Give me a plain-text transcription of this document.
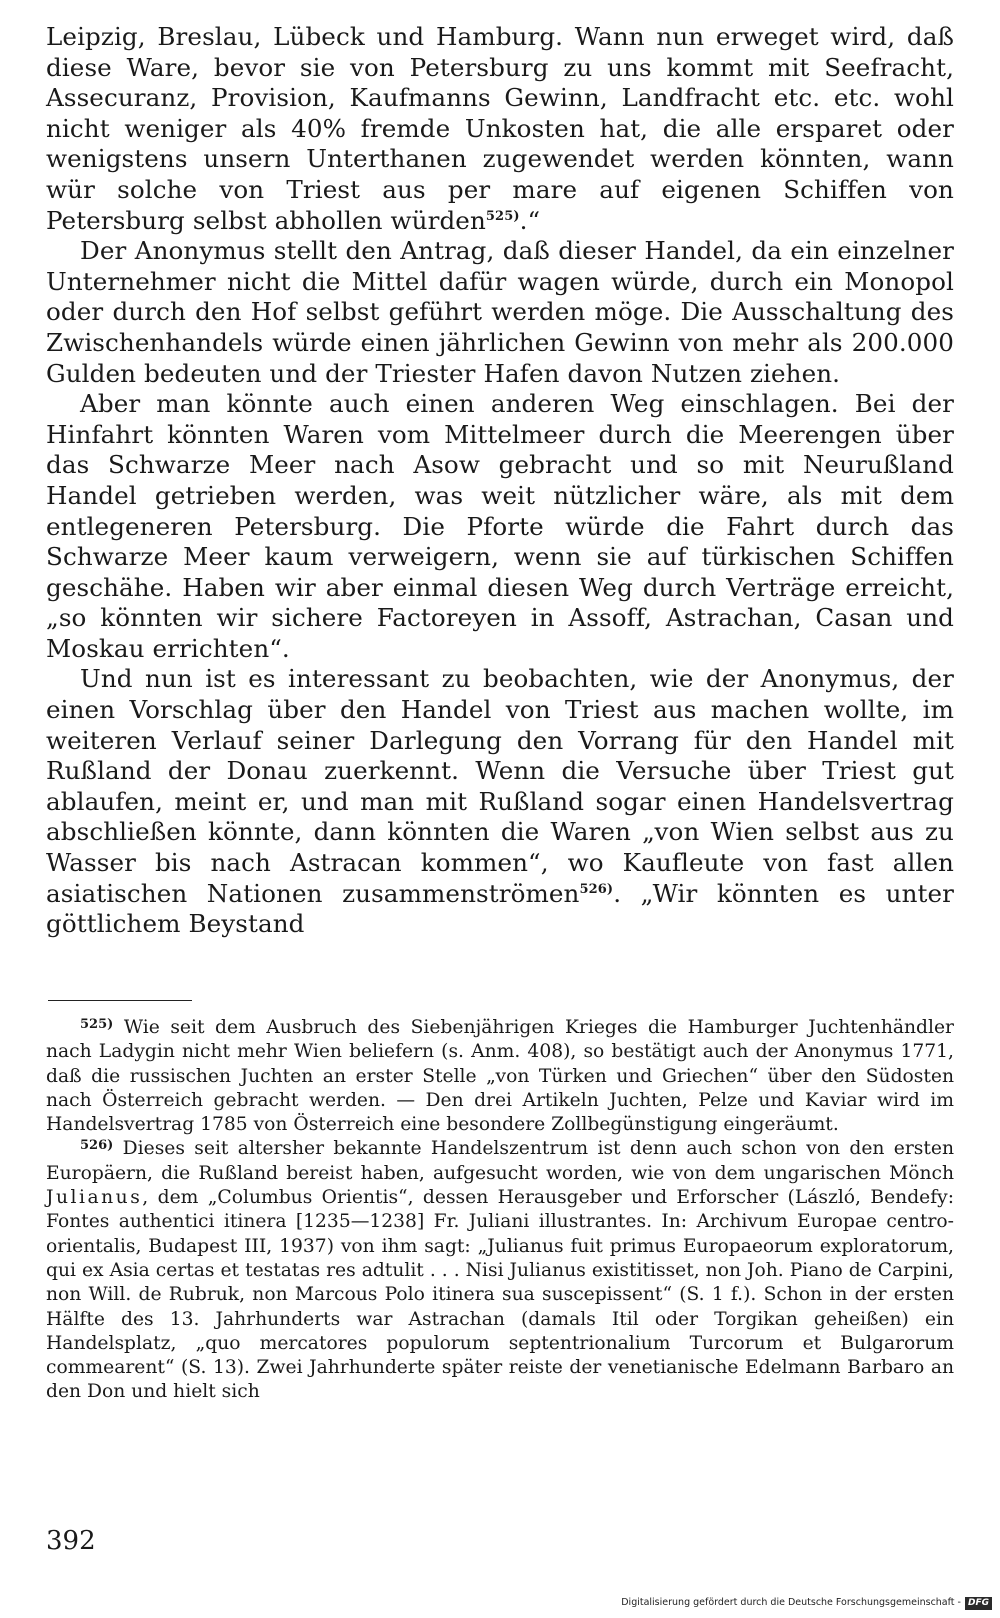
Leipzig, Breslau, Lübeck und Hamburg. Wann nun erweget wird, daß diese Ware, bevor sie von Petersburg zu uns kommt mit Seefracht, Assecuranz, Provision, Kaufmanns Gewinn, Landfracht etc. etc. wohl nicht weniger als 40% fremde Unkosten hat, die alle ersparet oder wenigstens unsern Unterthanen zugewendet werden könnten, wann wür solche von Triest aus per mare auf eigenen Schiffen von Petersburg selbst abhollen würden$^{525)}$.“

Der Anonymus stellt den Antrag, daß dieser Handel, da ein einzelner Unternehmer nicht die Mittel dafür wagen würde, durch ein Monopol oder durch den Hof selbst geführt werden möge. Die Ausschaltung des Zwischenhandels würde einen jährlichen Gewinn von mehr als 200.000 Gulden bedeuten und der Triester Hafen davon Nutzen ziehen.

Aber man könnte auch einen anderen Weg einschlagen. Bei der Hinfahrt könnten Waren vom Mittelmeer durch die Meerengen über das Schwarze Meer nach Asow gebracht und so mit Neurußland Handel getrieben werden, was weit nützlicher wäre, als mit dem entlegeneren Petersburg. Die Pforte würde die Fahrt durch das Schwarze Meer kaum verweigern, wenn sie auf türkischen Schiffen geschähe. Haben wir aber einmal diesen Weg durch Verträge erreicht, „so könnten wir sichere Factoreyen in Assoff, Astrachan, Casan und Moskau errichten“.

Und nun ist es interessant zu beobachten, wie der Anonymus, der einen Vorschlag über den Handel von Triest aus machen wollte, im weiteren Verlauf seiner Darlegung den Vorrang für den Handel mit Rußland der Donau zuerkennt. Wenn die Versuche über Triest gut ablaufen, meint er, und man mit Rußland sogar einen Handelsvertrag abschließen könnte, dann könnten die Waren „von Wien selbst aus zu Wasser bis nach Astracan kommen“, wo Kaufleute von fast allen asiatischen Nationen zusammenströmen$^{526)}$. „Wir könnten es unter göttlichem Beystand

$^{525)}$ Wie seit dem Ausbruch des Siebenjährigen Krieges die Hamburger Juchtenhändler nach Ladygin nicht mehr Wien beliefern (s. Anm. 408), so bestätigt auch der Anonymus 1771, daß die russischen Juchten an erster Stelle „von Türken und Griechen“ über den Südosten nach Österreich gebracht werden. — Den drei Artikeln Juchten, Pelze und Kaviar wird im Handelsvertrag 1785 von Österreich eine besondere Zollbegünstigung eingeräumt.

$^{526)}$ Dieses seit altersher bekannte Handelszentrum ist denn auch schon von den ersten Europäern, die Rußland bereist haben, aufgesucht worden, wie von dem ungarischen Mönch Julianus, dem „Columbus Orientis“, dessen Herausgeber und Erforscher (László, Bendefy: Fontes authentici itinera [1235—1238] Fr. Juliani illustrantes. In: Archivum Europae centro-orientalis, Budapest III, 1937) von ihm sagt: „Julianus fuit primus Europaeorum exploratorum, qui ex Asia certas et testatas res adtulit . . . Nisi Julianus existitisset, non Joh. Piano de Carpini, non Will. de Rubruk, non Marcous Polo itinera sua suscepissent“ (S. 1 f.). Schon in der ersten Hälfte des 13. Jahrhunderts war Astrachan (damals Itil oder Torgikan geheißen) ein Handelsplatz, „quo mercatores populorum septentrionalium Turcorum et Bulgarorum commearent“ (S. 13). Zwei Jahrhunderte später reiste der venetianische Edelmann Barbaro an den Don und hielt sich

392
Digitalisierung gefördert durch die Deutsche Forschungsgemeinschaft - DFG
